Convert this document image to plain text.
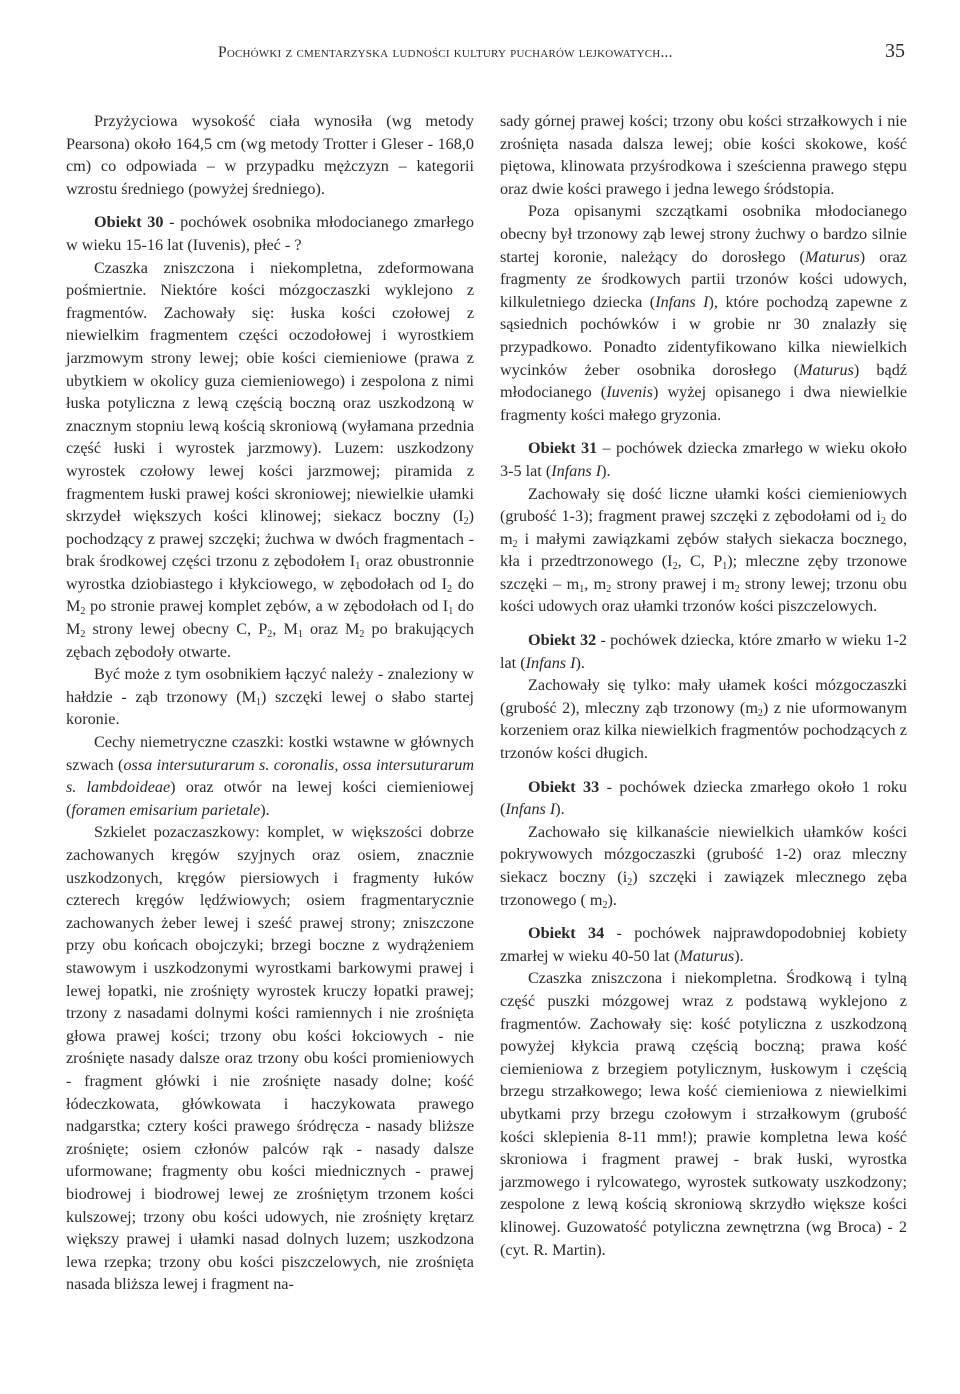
Pochówki z cmentarzyska ludności kultury pucharów lejkowatych...	35

Przyżyciowa wysokość ciała wynosiła (wg metody Pearsona) około 164,5 cm (wg metody Trotter i Gleser - 168,0 cm) co odpowiada – w przypadku mężczyzn – kategorii wzrostu średniego (powyżej średniego).

Obiekt 30 - pochówek osobnika młodocianego zmarłego w wieku 15-16 lat (Iuvenis), płeć - ?

Czaszka zniszczona i niekompletna, zdeformowana pośmiertnie. Niektóre kości mózgoczaszki wyklejono z fragmentów. Zachowały się: łuska kości czołowej z niewielkim fragmentem części oczodołowej i wyrostkiem jarzmowym strony lewej; obie kości ciemieniowe (prawa z ubytkiem w okolicy guza ciemieniowego) i zespolona z nimi łuska potyliczna z lewą częścią boczną oraz uszkodzoną w znacznym stopniu lewą kością skroniową (wyłamana przednia część łuski i wyrostek jarzmowy). Luzem: uszkodzony wyrostek czołowy lewej kości jarzmowej; piramida z fragmentem łuski prawej kości skroniowej; niewielkie ułamki skrzydeł większych kości klinowej; siekacz boczny $(I_2)$ pochodzący z prawej szczęki; żuchwa w dwóch fragmentach - brak środkowej części trzonu z zębodołem $I_1$ oraz obustronnie wyrostka dziobiastego i kłykciowego, w zębodołach od $I_2$ do $M_2$ po stronie prawej komplet zębów, a w zębodołach od $I_1$ do $M_2$ strony lewej obecny C, $P_2$, $M_1$ oraz $M_2$ po brakujących zębach zębodoły otwarte.

Być może z tym osobnikiem łączyć należy - znaleziony w hałdzie - ząb trzonowy $(M_1)$ szczęki lewej o słabo startej koronie.

Cechy niemetryczne czaszki: kostki wstawne w głównych szwach (ossa intersuturarum s. coronalis, ossa intersuturarum s. lambdoideae) oraz otwór na lewej kości ciemieniowej (foramen emisarium parietale).

Szkielet pozaczaszkowy: komplet, w większości dobrze zachowanych kręgów szyjnych oraz osiem, znacznie uszkodzonych, kręgów piersiowych i fragmenty łuków czterech kręgów lędźwiowych; osiem fragmentarycznie zachowanych żeber lewej i sześć prawej strony; zniszczone przy obu końcach obojczyki; brzegi boczne z wydrążeniem stawowym i uszkodzonymi wyrostkami barkowymi prawej i lewej łopatki, nie zrośnięty wyrostek kruczy łopatki prawej; trzony z nasadami dolnymi kości ramiennych i nie zrośnięta głowa prawej kości; trzony obu kości łokciowych - nie zrośnięte nasady dalsze oraz trzony obu kości promieniowych - fragment główki i nie zrośnięte nasady dolne; kość łódeczkowata, główkowata i haczykowata prawego nadgarstka; cztery kości prawego śródręcza - nasady bliższe zrośnięte; osiem członów palców rąk - nasady dalsze uformowane; fragmenty obu kości miednicznych - prawej biodrowej i biodrowej lewej ze zrośniętym trzonem kości kulszowej; trzony obu kości udowych, nie zrośnięty krętarz większy prawej i ułamki nasad dolnych luzem; uszkodzona lewa rzepka; trzony obu kości piszczelowych, nie zrośnięta nasada bliższa lewej i fragment na-

sady górnej prawej kości; trzony obu kości strzałkowych i nie zrośnięta nasada dalsza lewej; obie kości skokowe, kość piętowa, klinowata przyśrodkowa i sześcienna prawego stępu oraz dwie kości prawego i jedna lewego śródstopia.

Poza opisanymi szczątkami osobnika młodocianego obecny był trzonowy ząb lewej strony żuchwy o bardzo silnie startej koronie, należący do dorosłego (Maturus) oraz fragmenty ze środkowych partii trzonów kości udowych, kilkuletniego dziecka (Infans I), które pochodzą zapewne z sąsiednich pochówków i w grobie nr 30 znalazły się przypadkowo. Ponadto zidentyfikowano kilka niewielkich wycinków żeber osobnika dorosłego (Maturus) bądź młodocianego (Iuvenis) wyżej opisanego i dwa niewielkie fragmenty kości małego gryzonia.

Obiekt 31 – pochówek dziecka zmarłego w wieku około 3-5 lat (Infans I).

Zachowały się dość liczne ułamki kości ciemieniowych (grubość 1-3); fragment prawej szczęki z zębodołami od $i_2$ do $m_2$ i małymi zawiązkami zębów stałych siekacza bocznego, kła i przedtrzonowego ($I_2$, C, $P_1$); mleczne zęby trzonowe szczęki – $m_1$, $m_2$ strony prawej i $m_2$ strony lewej; trzonu obu kości udowych oraz ułamki trzonów kości piszczelowych.

Obiekt 32 - pochówek dziecka, które zmarło w wieku 1-2 lat (Infans I).

Zachowały się tylko: mały ułamek kości mózgoczaszki (grubość 2), mleczny ząb trzonowy $(m_2)$ z nie uformowanym korzeniem oraz kilka niewielkich fragmentów pochodzących z trzonów kości długich.

Obiekt 33 - pochówek dziecka zmarłego około 1 roku (Infans I).

Zachowało się kilkanaście niewielkich ułamków kości pokrywowych mózgoczaszki (grubość 1-2) oraz mleczny siekacz boczny $(i_2)$ szczęki i zawiązek mlecznego zęba trzonowego ( $m_2$).

Obiekt 34 - pochówek najprawdopodobniej kobiety zmarłej w wieku 40-50 lat (Maturus).

Czaszka zniszczona i niekompletna. Środkową i tylną część puszki mózgowej wraz z podstawą wyklejono z fragmentów. Zachowały się: kość potyliczna z uszkodzoną powyżej kłykcia prawą częścią boczną; prawa kość ciemieniowa z brzegiem potylicznym, łuskowym i częścią brzegu strzałkowego; lewa kość ciemieniowa z niewielkimi ubytkami przy brzegu czołowym i strzałkowym (grubość kości sklepienia 8-11 mm!); prawie kompletna lewa kość skroniowa i fragment prawej - brak łuski, wyrostka jarzmowego i rylcowatego, wyrostek sutkowaty uszkodzony; zespolone z lewą kością skroniową skrzydło większe kości klinowej. Guzowatość potyliczna zewnętrzna (wg Broca) - 2 (cyt. R. Martin).
